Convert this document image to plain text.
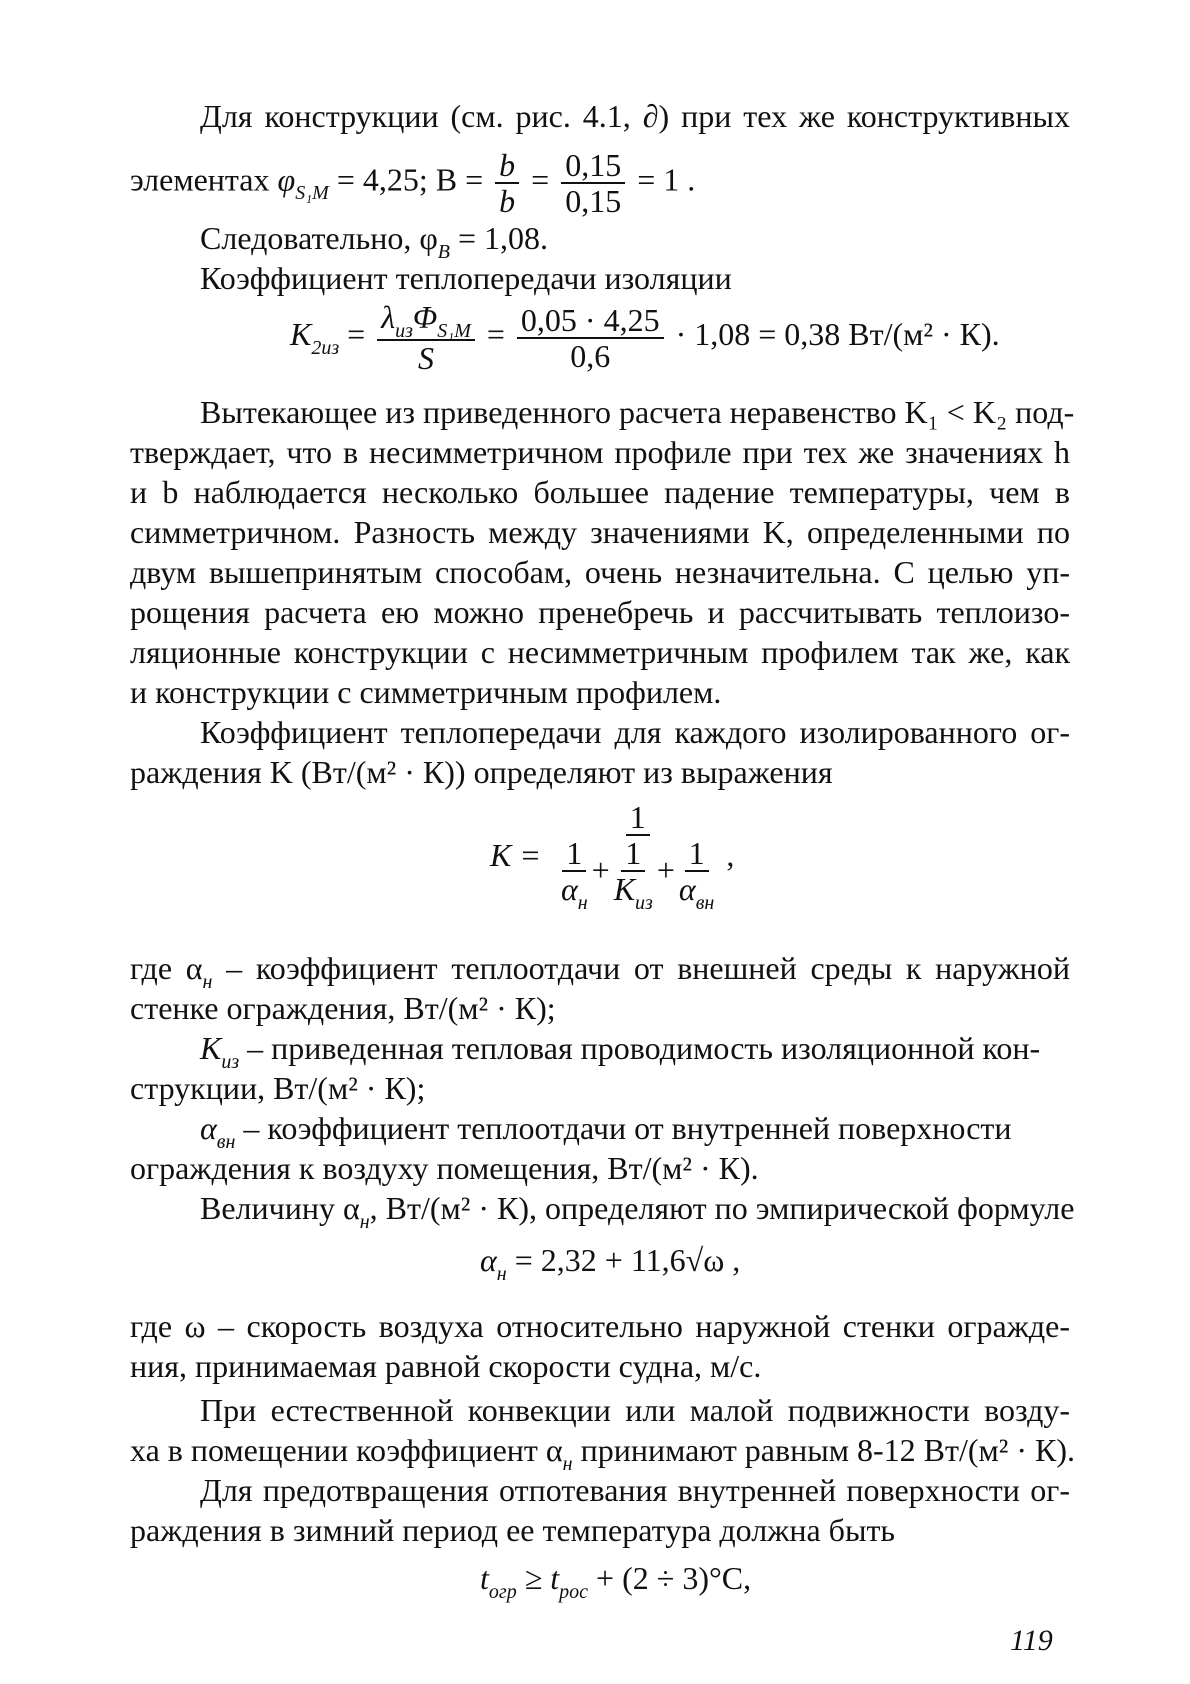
Для конструкции (см. рис. 4.1, ∂) при тех же конструктивных
элементах $\varphi_{S_1M} = 4,25$; $B = \frac{b}{b} = \frac{0,15}{0,15} = 1$ .
Следовательно, $\varphi_B = 1,08$.
Коэффициент теплопередачи изоляции
$K_{2из} = \frac{\lambda_{из}\Phi_{S_1M}}{S} = \frac{0,05 \cdot 4,25}{0,6} \cdot 1,08 = 0,38$ Вт/(м² · К).
Вытекающее из приведенного расчета неравенство K₁ < K₂ под-
тверждает, что в несимметричном профиле при тех же значениях h
и b наблюдается несколько большее падение температуры, чем в
симметричном. Разность между значениями K, определенными по
двум вышепринятым способам, очень незначительна. С целью уп-
рощения расчета ею можно пренебречь и рассчитывать теплоизо-
ляционные конструкции с несимметричным профилем так же, как
и конструкции с симметричным профилем.
Коэффициент теплопередачи для каждого изолированного ог-
раждения K (Вт/(м² · К)) определяют из выражения
$K = \frac{1}{\frac{1}{\alpha_н} + \frac{1}{K_{из}} + \frac{1}{\alpha_{вн}}}$ ,
где $\alpha_н$ – коэффициент теплоотдачи от внешней среды к наружной
стенке ограждения, Вт/(м² · К);
$K_{из}$ – приведенная тепловая проводимость изоляционной кон-
струкции, Вт/(м² · К);
$\alpha_{вн}$ – коэффициент теплоотдачи от внутренней поверхности
ограждения к воздуху помещения, Вт/(м² · К).
Величину $\alpha_н$, Вт/(м² · К), определяют по эмпирической формуле
$\alpha_н = 2,32 + 11,6√\omega$ ,
где ω – скорость воздуха относительно наружной стенки огражде-
ния, принимаемая равной скорости судна, м/с.
При естественной конвекции или малой подвижности возду-
ха в помещении коэффициент $\alpha_н$ принимают равным 8-12 Вт/(м² · К).
Для предотвращения отпотевания внутренней поверхности ог-
раждения в зимний период ее температура должна быть
$t_{огр} \ge t_{рос} + (2 \div 3)^\circ C$,
119
